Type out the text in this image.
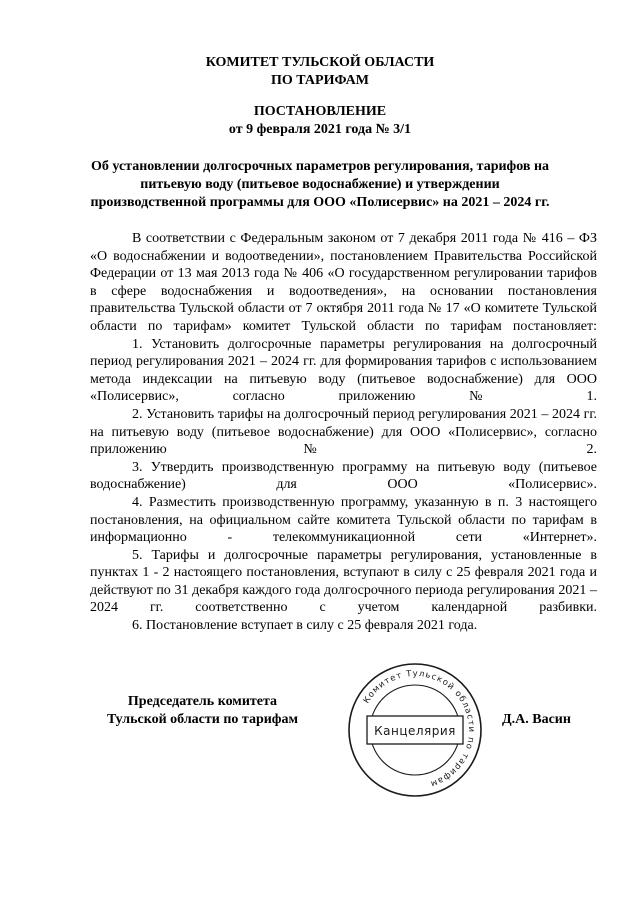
КОМИТЕТ ТУЛЬСКОЙ ОБЛАСТИ
ПО ТАРИФАМ
ПОСТАНОВЛЕНИЕ
от 9 февраля 2021 года № 3/1
Об установлении долгосрочных параметров регулирования, тарифов на
питьевую воду (питьевое водоснабжение) и утверждении
производственной программы для ООО «Полисервис» на 2021 – 2024 гг.

В соответствии с Федеральным законом от 7 декабря 2011 года № 416 – ФЗ «О водоснабжении и водоотведении», постановлением Правительства Российской Федерации от 13 мая 2013 года № 406 «О государственном регулировании тарифов в сфере водоснабжения и водоотведения», на основании постановления правительства Тульской области от 7 октября 2011 года № 17 «О комитете Тульской области по тарифам» комитет Тульской области по тарифам постановляет:

1. Установить долгосрочные параметры регулирования на долгосрочный период регулирования 2021 – 2024 гг. для формирования тарифов с использованием метода индексации на питьевую воду (питьевое водоснабжение) для ООО «Полисервис», согласно приложению № 1.

2. Установить тарифы на долгосрочный период регулирования 2021 – 2024 гг. на питьевую воду (питьевое водоснабжение) для ООО «Полисервис», согласно приложению № 2.

3. Утвердить производственную программу на питьевую воду (питьевое водоснабжение) для ООО «Полисервис».

4. Разместить производственную программу, указанную в п. 3 настоящего постановления, на официальном сайте комитета Тульской области по тарифам в информационно - телекоммуникационной сети «Интернет».

5. Тарифы и долгосрочные параметры регулирования, установленные в пунктах 1 - 2 настоящего постановления, вступают в силу с 25 февраля 2021 года и действуют по 31 декабря каждого года долгосрочного периода регулирования 2021 – 2024 гг. соответственно с учетом календарной разбивки.

6. Постановление вступает в силу с 25 февраля 2021 года.

Председатель комитета
Тульской области по тарифам
Комитет Тульской области по тарифам
Канцелярия
Д.А. Васин
